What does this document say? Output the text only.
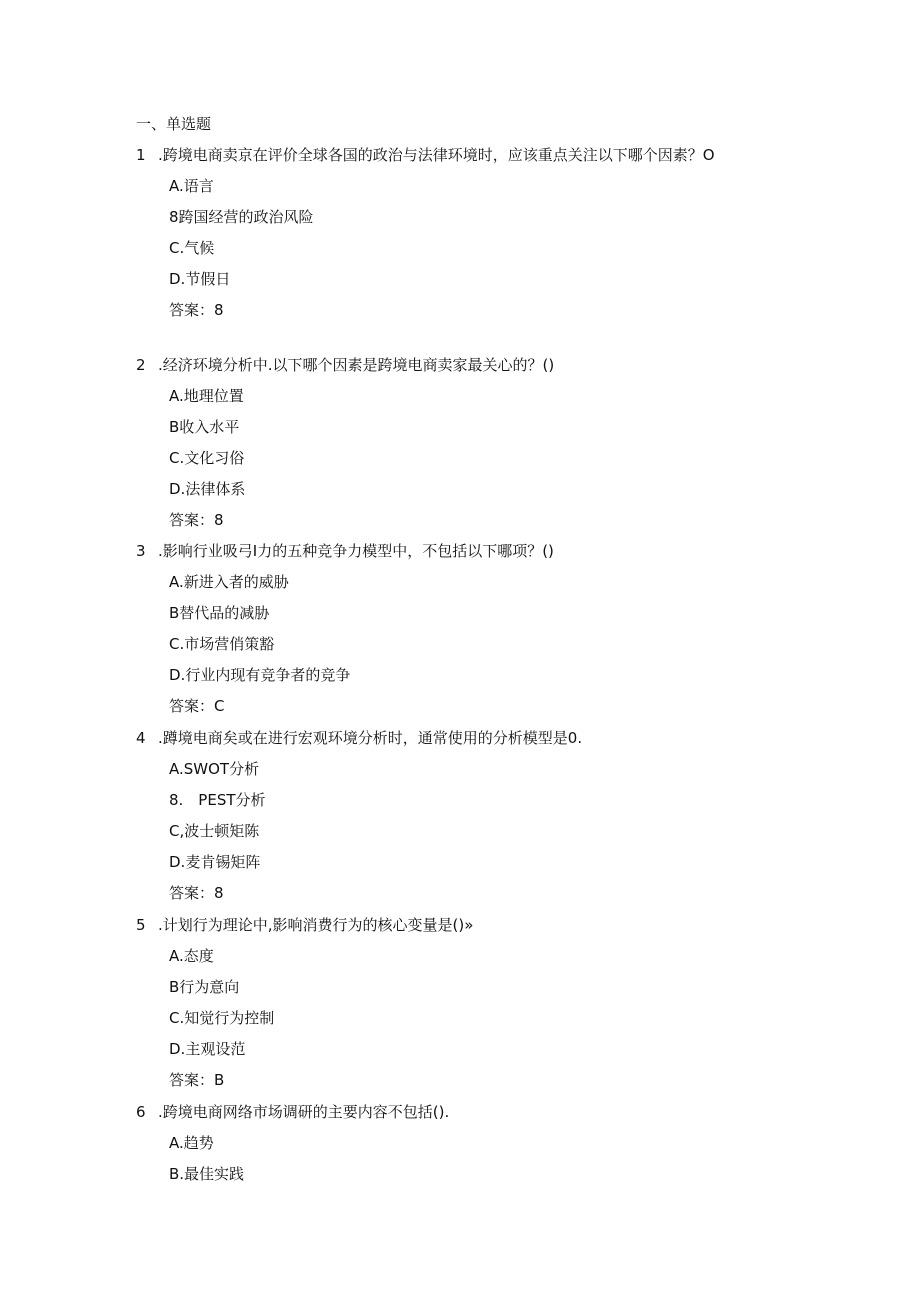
一、单选题
1 .跨境电商卖京在评价全球各国的政治与法律环境时，应该重点关注以下哪个因素？O
A.语言
8跨国经营的政治风险
C.气候
D.节假日
答案：8
2 .经济环境分析中.以下哪个因素是跨境电商卖家最关心的？()
A.地理位置
B收入水平
C.文化习俗
D.法律体系
答案：8
3 .影响行业吸弓I力的五种竞争力模型中，不包括以下哪项？()
A.新进入者的威胁
B替代品的减胁
C.市场营俏策豁
D.行业内现有竞争者的竞争
答案：C
4 .蹲境电商矣或在进行宏观环境分析时，通常使用的分析模型是0.
A.SWOT分析
8. PEST分析
C,波士顿矩陈
D.麦肯锡矩阵
答案：8
5 .计划行为理论中,影响消费行为的核心变量是()»
A.态度
B行为意向
C.知觉行为控制
D.主观设范
答案：B
6 .跨境电商网络市场调研的主要内容不包括().
A.趋势
B.最佳实践
